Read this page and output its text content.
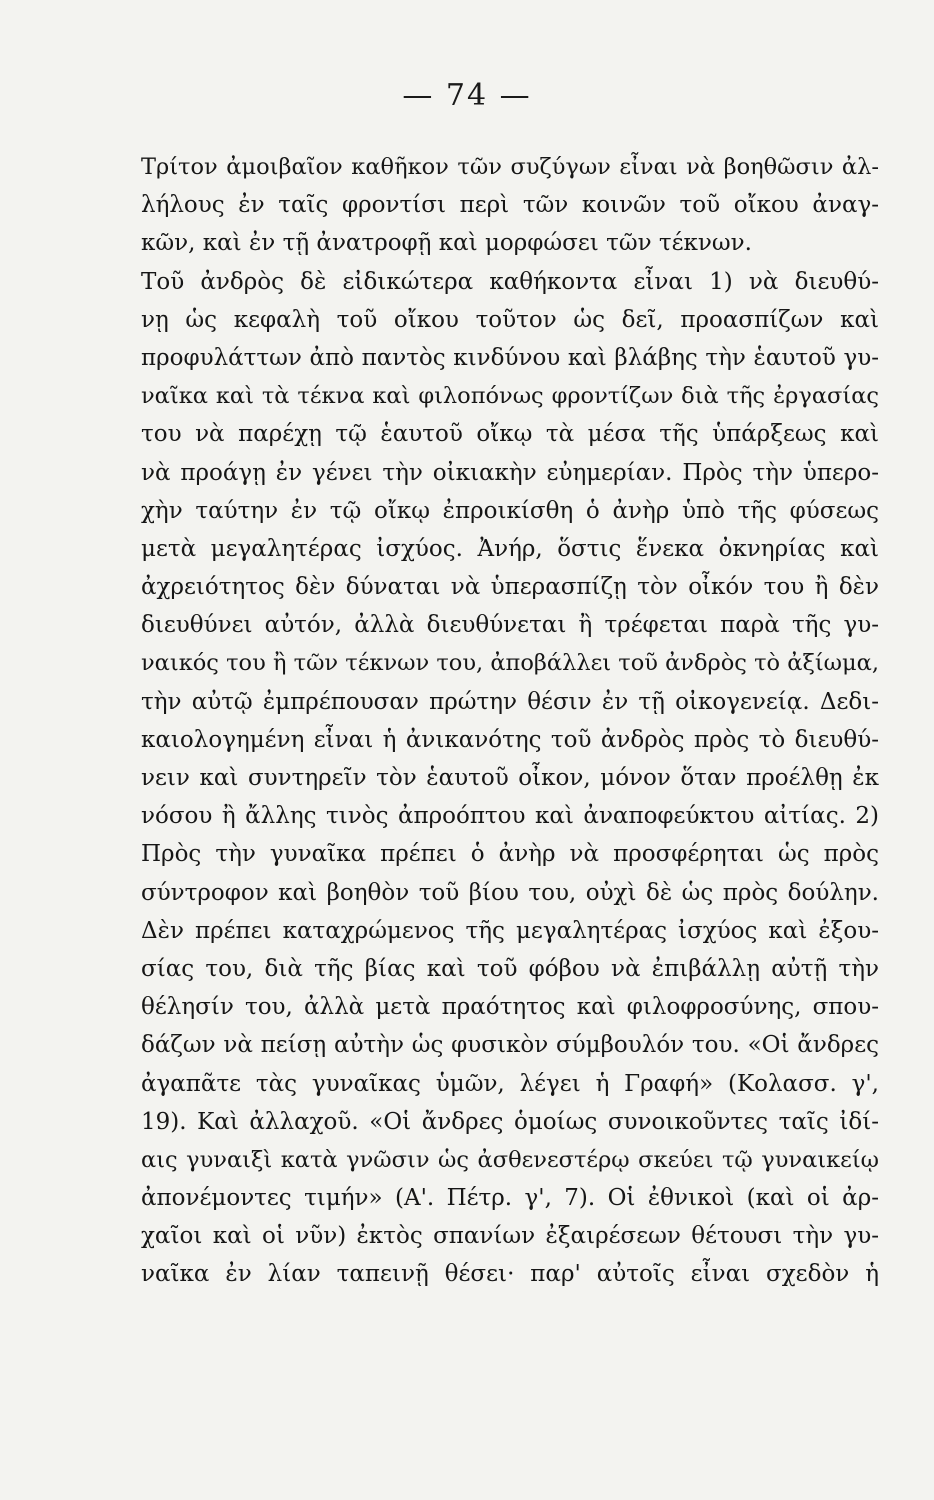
— 74 —
Τρίτον ἀμοιβαῖον καθῆκον τῶν συζύγων εἶναι νὰ βοηθῶσιν ἀλ-
λήλους ἐν ταῖς φροντίσι περὶ τῶν κοινῶν τοῦ οἴκου ἀναγ-
κῶν, καὶ ἐν τῇ ἀνατροφῇ καὶ μορφώσει τῶν τέκνων.
Τοῦ ἀνδρὸς δὲ εἰδικώτερα καθήκοντα εἶναι 1) νὰ διευθύ-
νῃ ὡς κεφαλὴ τοῦ οἴκου τοῦτον ὡς δεῖ, προασπίζων καὶ
προφυλάττων ἀπὸ παντὸς κινδύνου καὶ βλάβης τὴν ἑαυτοῦ γυ-
ναῖκα καὶ τὰ τέκνα καὶ φιλοπόνως φροντίζων διὰ τῆς ἐργασίας
του νὰ παρέχῃ τῷ ἑαυτοῦ οἴκῳ τὰ μέσα τῆς ὑπάρξεως καὶ
νὰ προάγῃ ἐν γένει τὴν οἰκιακὴν εὐημερίαν. Πρὸς τὴν ὑπερο-
χὴν ταύτην ἐν τῷ οἴκῳ ἐπροικίσθη ὁ ἀνὴρ ὑπὸ τῆς φύσεως
μετὰ μεγαλητέρας ἰσχύος. Ἀνήρ, ὅστις ἕνεκα ὀκνηρίας καὶ
ἀχρειότητος δὲν δύναται νὰ ὑπερασπίζῃ τὸν οἶκόν του ἢ δὲν
διευθύνει αὐτόν, ἀλλὰ διευθύνεται ἢ τρέφεται παρὰ τῆς γυ-
ναικός του ἢ τῶν τέκνων του, ἀποβάλλει τοῦ ἀνδρὸς τὸ ἀξίωμα,
τὴν αὐτῷ ἐμπρέπουσαν πρώτην θέσιν ἐν τῇ οἰκογενείᾳ. Δεδι-
καιολογημένη εἶναι ἡ ἀνικανότης τοῦ ἀνδρὸς πρὸς τὸ διευθύ-
νειν καὶ συντηρεῖν τὸν ἑαυτοῦ οἶκον, μόνον ὅταν προέλθῃ ἐκ
νόσου ἢ ἄλλης τινὸς ἀπροόπτου καὶ ἀναποφεύκτου αἰτίας. 2)
Πρὸς τὴν γυναῖκα πρέπει ὁ ἀνὴρ νὰ προσφέρηται ὡς πρὸς
σύντροφον καὶ βοηθὸν τοῦ βίου του, οὐχὶ δὲ ὡς πρὸς δούλην.
Δὲν πρέπει καταχρώμενος τῆς μεγαλητέρας ἰσχύος καὶ ἐξου-
σίας του, διὰ τῆς βίας καὶ τοῦ φόβου νὰ ἐπιβάλλῃ αὐτῇ τὴν
θέλησίν του, ἀλλὰ μετὰ πραότητος καὶ φιλοφροσύνης, σπου-
δάζων νὰ πείσῃ αὐτὴν ὡς φυσικὸν σύμβουλόν του. «Οἱ ἄνδρες
ἀγαπᾶτε τὰς γυναῖκας ὑμῶν, λέγει ἡ Γραφή» (Κολασσ. γ',
19). Καὶ ἀλλαχοῦ. «Οἱ ἄνδρες ὁμοίως συνοικοῦντες ταῖς ἰδί-
αις γυναιξὶ κατὰ γνῶσιν ὡς ἀσθενεστέρῳ σκεύει τῷ γυναικείῳ
ἀπονέμοντες τιμήν» (Α'. Πέτρ. γ', 7). Οἱ ἐθνικοὶ (καὶ οἱ ἀρ-
χαῖοι καὶ οἱ νῦν) ἐκτὸς σπανίων ἐξαιρέσεων θέτουσι τὴν γυ-
ναῖκα ἐν λίαν ταπεινῇ θέσει· παρ' αὐτοῖς εἶναι σχεδὸν ἡ
